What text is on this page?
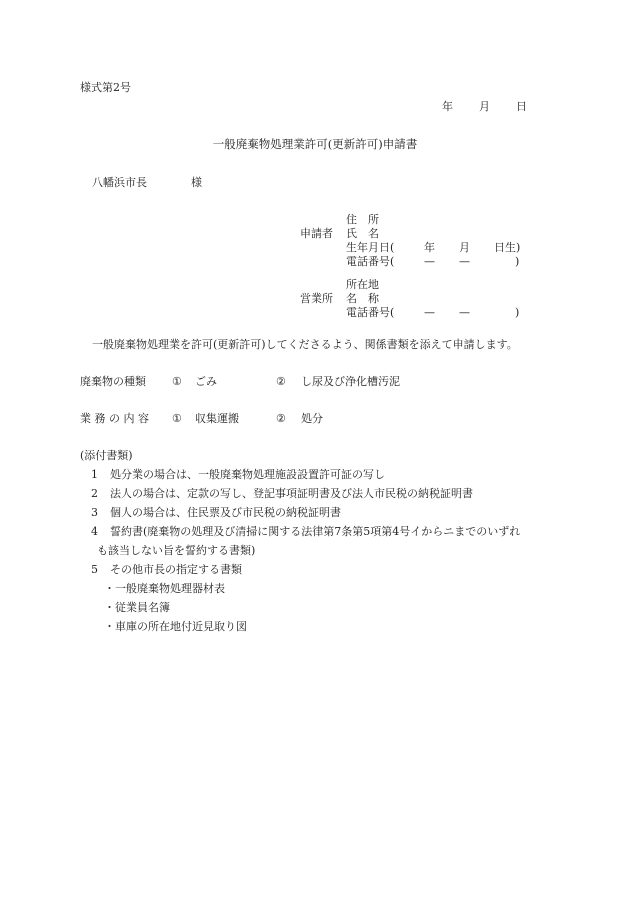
様式第2号
年 月 日
一般廃棄物処理業許可(更新許可)申請書
八幡浜市長	様
申請者
住　所
氏　名
生年月日(	年 月 日生)
電話番号(	— —	)
営業所
所在地
名　称
電話番号(	— —	)
一般廃棄物処理業を許可(更新許可)してくださるよう、関係書類を添えて申請します。
廃棄物の種類 ① ごみ	② し尿及び浄化槽汚泥
業 務 の 内 容 ① 収集運搬	② 処分
(添付書類)
1 処分業の場合は、一般廃棄物処理施設設置許可証の写し
2 法人の場合は、定款の写し、登記事項証明書及び法人市民税の納税証明書
3 個人の場合は、住民票及び市民税の納税証明書
4 誓約書(廃棄物の処理及び清掃に関する法律第7条第5項第4号イからニまでのいずれ
も該当しない旨を誓約する書類)
5 その他市長の指定する書類
・一般廃棄物処理器材表
・従業員名簿
・車庫の所在地付近見取り図
